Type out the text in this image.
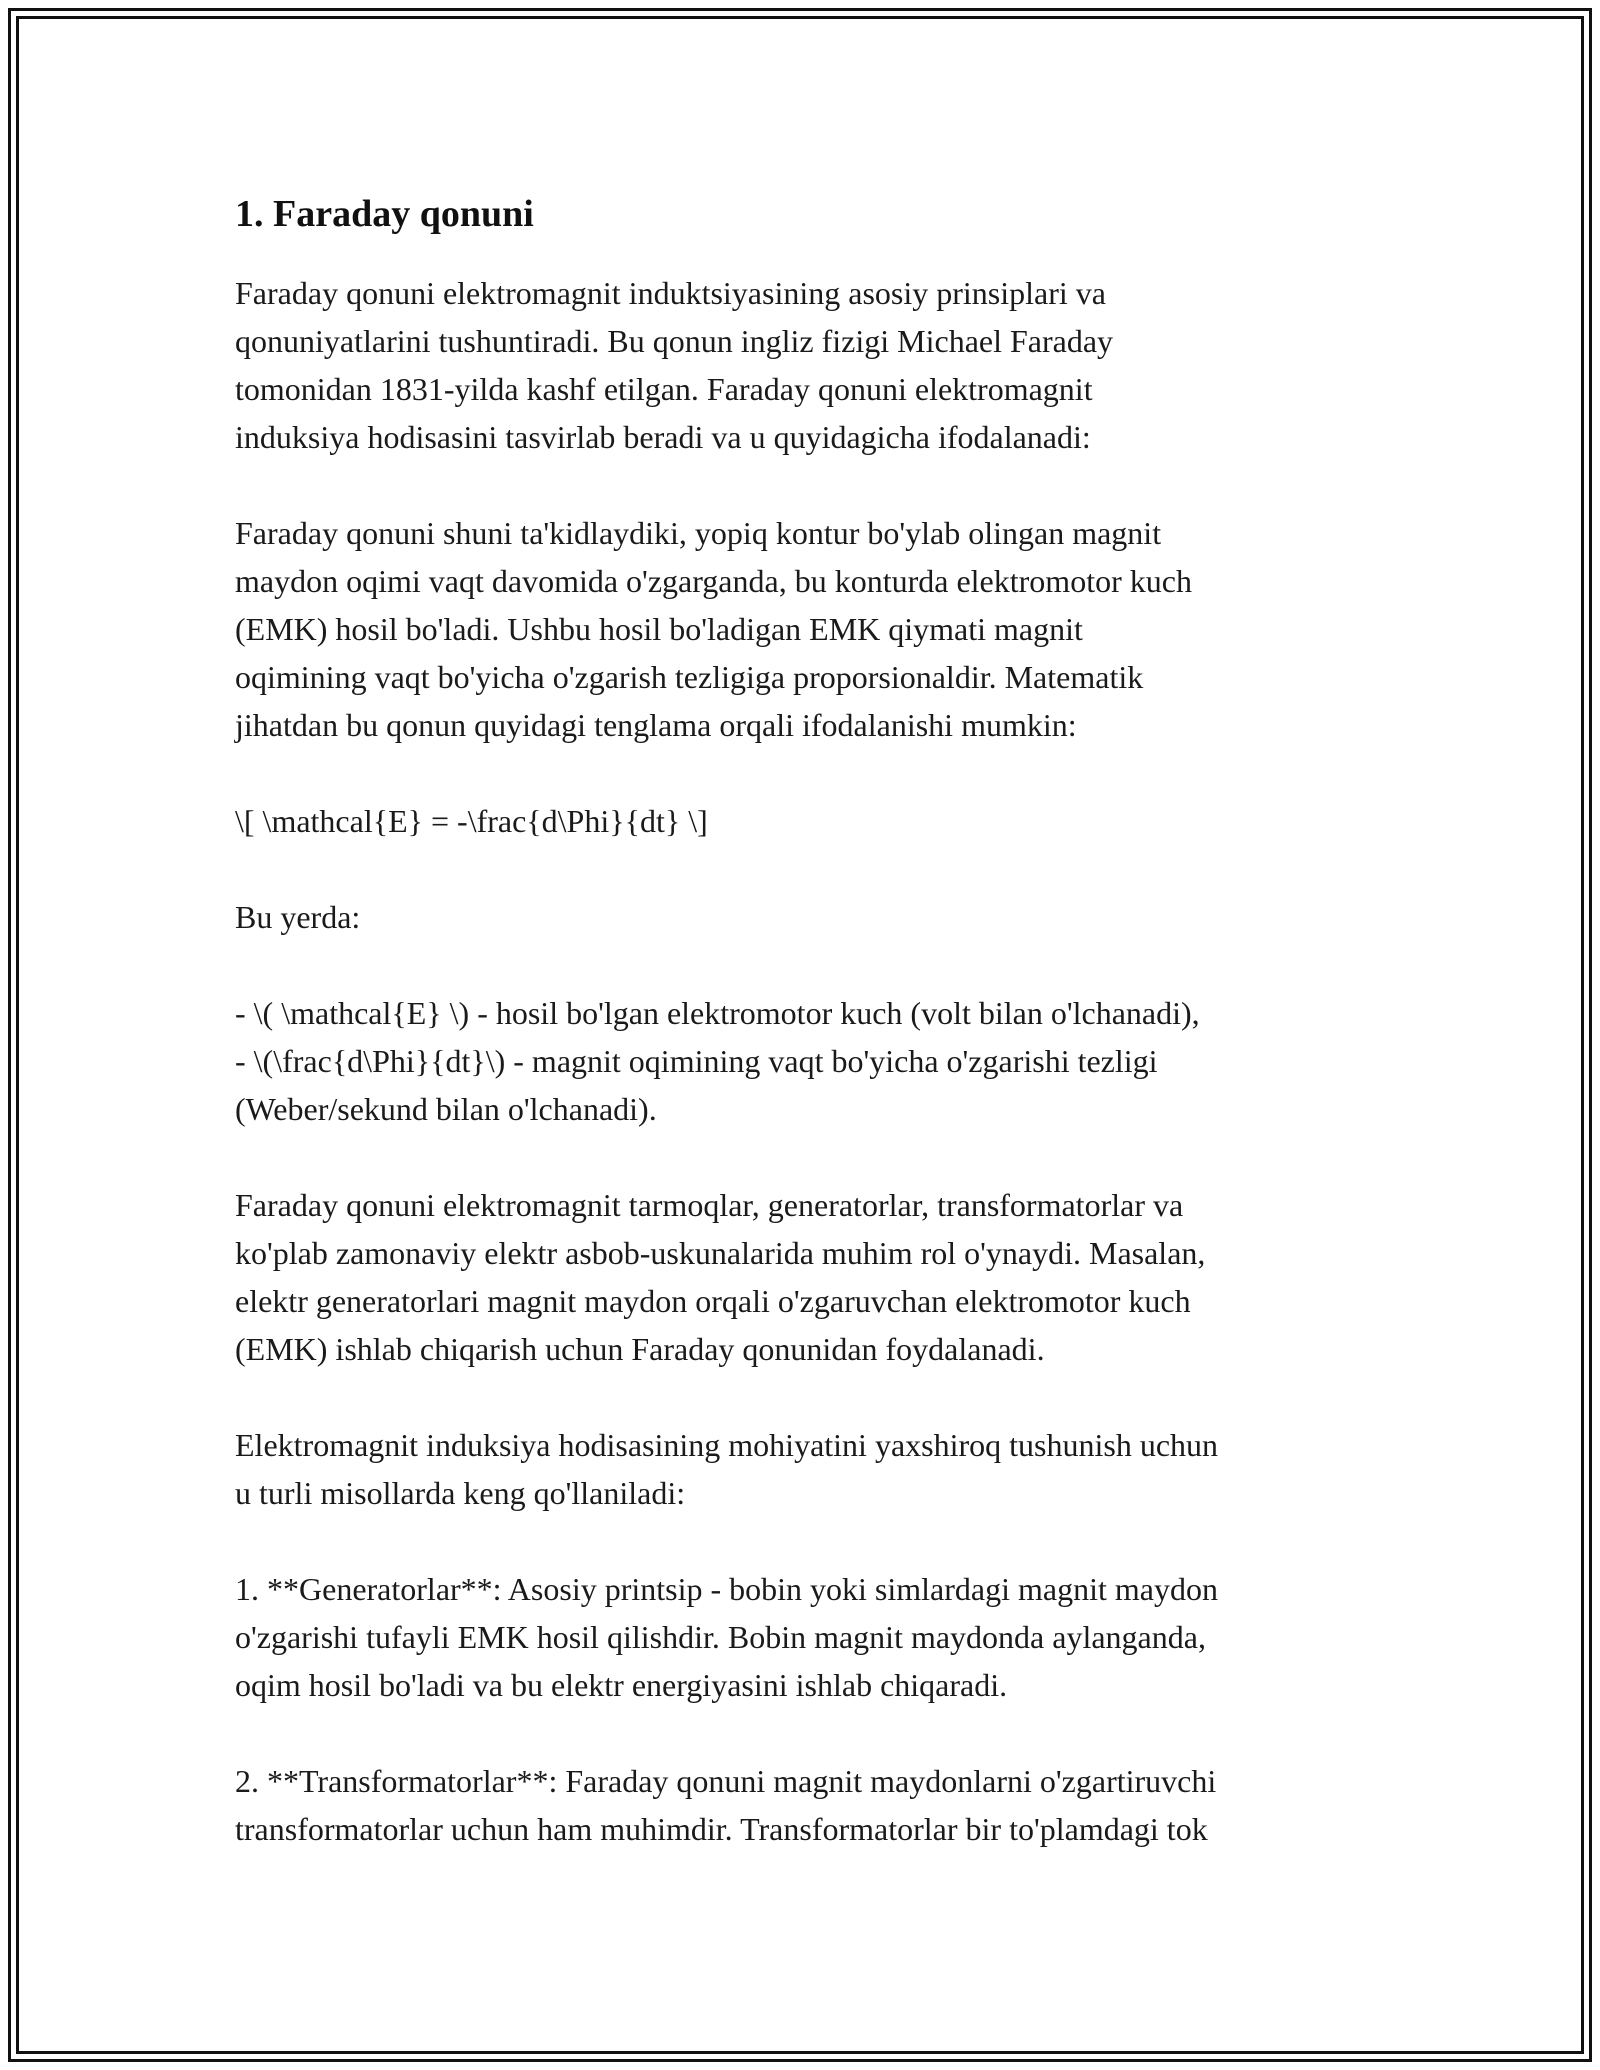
1. Faraday qonuni

Faraday qonuni elektromagnit induktsiyasining asosiy prinsiplari va
qonuniyatlarini tushuntiradi. Bu qonun ingliz fizigi Michael Faraday
tomonidan 1831-yilda kashf etilgan. Faraday qonuni elektromagnit
induksiya hodisasini tasvirlab beradi va u quyidagicha ifodalanadi:

Faraday qonuni shuni ta'kidlaydiki, yopiq kontur bo'ylab olingan magnit
maydon oqimi vaqt davomida o'zgarganda, bu konturda elektromotor kuch
(EMK) hosil bo'ladi. Ushbu hosil bo'ladigan EMK qiymati magnit
oqimining vaqt bo'yicha o'zgarish tezligiga proporsionaldir. Matematik
jihatdan bu qonun quyidagi tenglama orqali ifodalanishi mumkin:

\[ \mathcal{E} = -\frac{d\Phi}{dt} \]

Bu yerda:

- \( \mathcal{E} \) - hosil bo'lgan elektromotor kuch (volt bilan o'lchanadi),
- \(\frac{d\Phi}{dt}\) - magnit oqimining vaqt bo'yicha o'zgarishi tezligi
(Weber/sekund bilan o'lchanadi).

Faraday qonuni elektromagnit tarmoqlar, generatorlar, transformatorlar va
ko'plab zamonaviy elektr asbob-uskunalarida muhim rol o'ynaydi. Masalan,
elektr generatorlari magnit maydon orqali o'zgaruvchan elektromotor kuch
(EMK) ishlab chiqarish uchun Faraday qonunidan foydalanadi.

Elektromagnit induksiya hodisasining mohiyatini yaxshiroq tushunish uchun
u turli misollarda keng qo'llaniladi:

1. **Generatorlar**: Asosiy printsip - bobin yoki simlardagi magnit maydon
o'zgarishi tufayli EMK hosil qilishdir. Bobin magnit maydonda aylanganda,
oqim hosil bo'ladi va bu elektr energiyasini ishlab chiqaradi.

2. **Transformatorlar**: Faraday qonuni magnit maydonlarni o'zgartiruvchi
transformatorlar uchun ham muhimdir. Transformatorlar bir to'plamdagi tok
